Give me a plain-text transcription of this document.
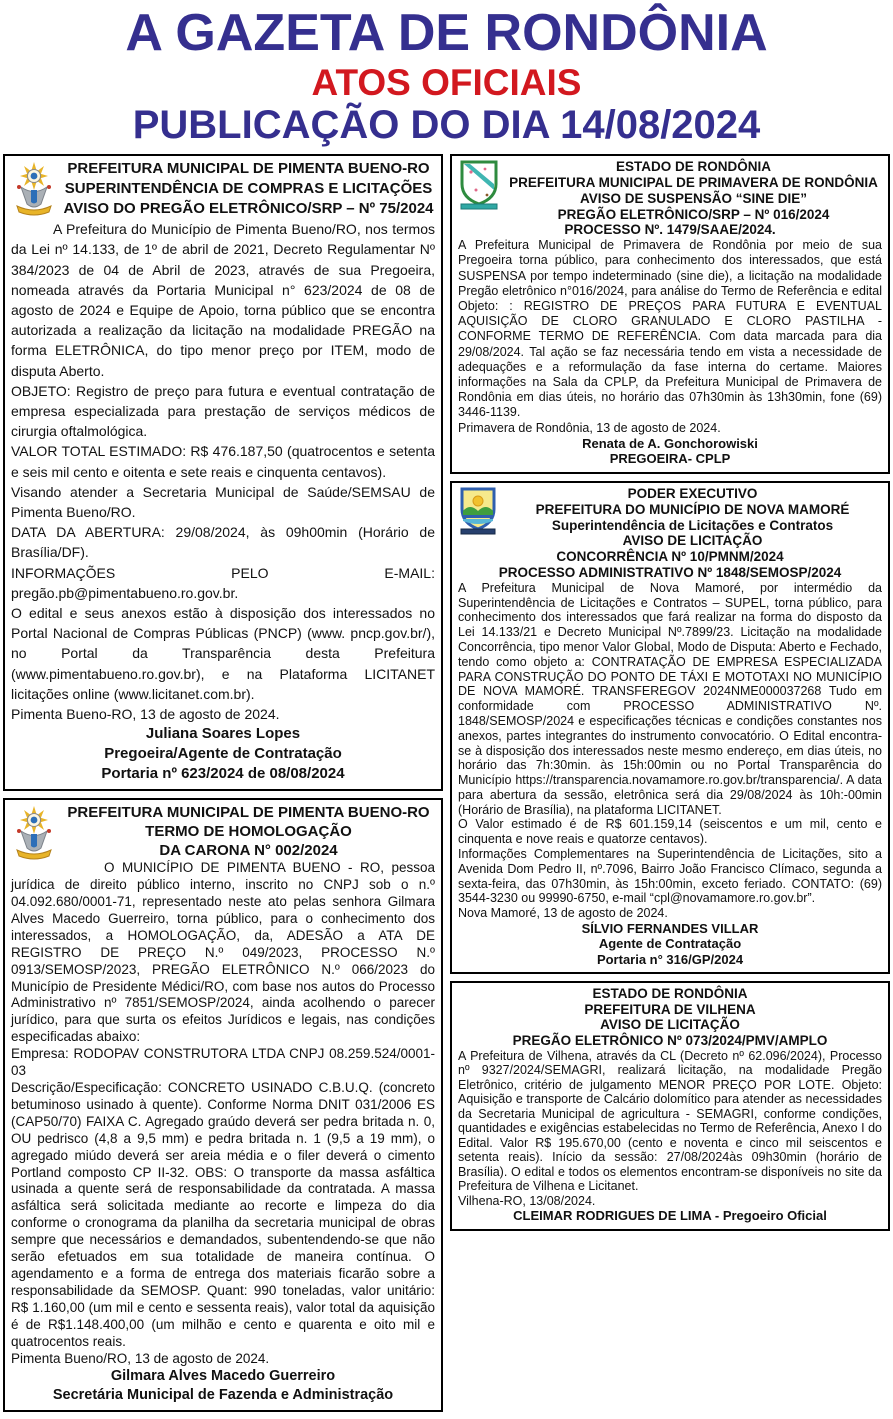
A GAZETA DE RONDÔNIA
ATOS OFICIAIS
PUBLICAÇÃO DO DIA 14/08/2024
PREFEITURA MUNICIPAL DE PIMENTA BUENO-RO
SUPERINTENDÊNCIA DE COMPRAS E LICITAÇÕES
AVISO DO PREGÃO ELETRÔNICO/SRP – Nº 75/2024

A Prefeitura do Município de Pimenta Bueno/RO, nos termos da Lei nº 14.133, de 1º de abril de 2021, Decreto Regulamentar Nº 384/2023 de 04 de Abril de 2023, através de sua Pregoeira, nomeada através da Portaria Municipal n° 623/2024 de 08 de agosto de 2024 e Equipe de Apoio, torna público que se encontra autorizada a realização da licitação na modalidade PREGÃO na forma ELETRÔNICA, do tipo menor preço por ITEM, modo de disputa Aberto.

OBJETO: Registro de preço para futura e eventual contratação de empresa especializada para prestação de serviços médicos de cirurgia oftalmológica.

VALOR TOTAL ESTIMADO: R$ 476.187,50 (quatrocentos e setenta e seis mil cento e oitenta e sete reais e cinquenta centavos).

Visando atender a Secretaria Municipal de Saúde/SEMSAU de Pimenta Bueno/RO.

DATA DA ABERTURA: 29/08/2024, às 09h00min (Horário de Brasília/DF).

INFORMAÇÕES PELO E-MAIL: pregão.pb@pimentabueno.ro.gov.br.

O edital e seus anexos estão à disposição dos interessados no Portal Nacional de Compras Públicas (PNCP) (www. pncp.gov.br/), no Portal da Transparência desta Prefeitura (www.pimentabueno.ro.gov.br), e na Plataforma LICITANET licitações online (www.licitanet.com.br).

Pimenta Bueno-RO, 13 de agosto de 2024.

Juliana Soares Lopes
Pregoeira/Agente de Contratação
Portaria nº 623/2024 de 08/08/2024
PREFEITURA MUNICIPAL DE PIMENTA BUENO-RO
TERMO DE HOMOLOGAÇÃO
DA CARONA N° 002/2024

O MUNICÍPIO DE PIMENTA BUENO - RO, pessoa jurídica de direito público interno, inscrito no CNPJ sob o n.º 04.092.680/0001-71, representado neste ato pelas senhora Gilmara Alves Macedo Guerreiro, torna público, para o conhecimento dos interessados, a HOMOLOGAÇÃO, da, ADESÃO a ATA DE REGISTRO DE PREÇO N.º 049/2023, PROCESSO N.º 0913/SEMOSP/2023, PREGÃO ELETRÔNICO N.º 066/2023 do Município de Presidente Médici/RO, com base nos autos do Processo Administrativo nº 7851/SEMOSP/2024, ainda acolhendo o parecer jurídico, para que surta os efeitos Jurídicos e legais, nas condições especificadas abaixo:

Empresa: RODOPAV CONSTRUTORA LTDA CNPJ 08.259.524/0001-03

Descrição/Especificação: CONCRETO USINADO C.B.U.Q. (concreto betuminoso usinado à quente). Conforme Norma DNIT 031/2006 ES (CAP50/70) FAIXA C. Agregado graúdo deverá ser pedra britada n. 0, OU pedrisco (4,8 a 9,5 mm) e pedra britada n. 1 (9,5 a 19 mm), o agregado miúdo deverá ser areia média e o filer deverá o cimento Portland composto CP II-32. OBS: O transporte da massa asfáltica usinada a quente será de responsabilidade da contratada. A massa asfáltica será solicitada mediante ao recorte e limpeza do dia conforme o cronograma da planilha da secretaria municipal de obras sempre que necessários e demandados, subentendendo-se que não serão efetuados em sua totalidade de maneira contínua. O agendamento e a forma de entrega dos materiais ficarão sobre a responsabilidade da SEMOSP. Quant: 990 toneladas, valor unitário: R$ 1.160,00 (um mil e cento e sessenta reais), valor total da aquisição é de R$1.148.400,00 (um milhão e cento e quarenta e oito mil e quatrocentos reais.

Pimenta Bueno/RO, 13 de agosto de 2024.

Gilmara Alves Macedo Guerreiro
Secretária Municipal de Fazenda e Administração
ESTADO DE RONDÔNIA
PREFEITURA MUNICIPAL DE PRIMAVERA DE RONDÔNIA
AVISO DE SUSPENSÃO “SINE DIE”
PREGÃO ELETRÔNICO/SRP – Nº 016/2024
PROCESSO Nº. 1479/SAAE/2024.

A Prefeitura Municipal de Primavera de Rondônia por meio de sua Pregoeira torna público, para conhecimento dos interessados, que está SUSPENSA por tempo indeterminado (sine die), a licitação na modalidade Pregão eletrônico n°016/2024, para análise do Termo de Referência e edital Objeto: : REGISTRO DE PREÇOS PARA FUTURA E EVENTUAL AQUISIÇÃO DE CLORO GRANULADO E CLORO PASTILHA - CONFORME TERMO DE REFERÊNCIA. Com data marcada para dia 29/08/2024. Tal ação se faz necessária tendo em vista a necessidade de adequações e a reformulação da fase interna do certame. Maiores informações na Sala da CPLP, da Prefeitura Municipal de Primavera de Rondônia em dias úteis, no horário das 07h30min às 13h30min, fone (69) 3446-1139.

Primavera de Rondônia, 13 de agosto de 2024.

Renata de A. Gonchorowiski
PREGOEIRA- CPLP
PODER EXECUTIVO
PREFEITURA DO MUNICÍPIO DE NOVA MAMORÉ
Superintendência de Licitações e Contratos
AVISO DE LICITAÇÃO
CONCORRÊNCIA Nº 10/PMNM/2024
PROCESSO ADMINISTRATIVO Nº 1848/SEMOSP/2024

A Prefeitura Municipal de Nova Mamoré, por intermédio da Superintendência de Licitações e Contratos – SUPEL, torna público, para conhecimento dos interessados que fará realizar na forma do disposto da Lei 14.133/21 e Decreto Municipal Nº.7899/23. Licitação na modalidade Concorrência, tipo menor Valor Global, Modo de Disputa: Aberto e Fechado, tendo como objeto a: CONTRATAÇÃO DE EMPRESA ESPECIALIZADA PARA CONSTRUÇÃO DO PONTO DE TÁXI E MOTOTAXI NO MUNICÍPIO DE NOVA MAMORÉ. TRANSFEREGOV 2024NME000037268 Tudo em conformidade com PROCESSO ADMINISTRATIVO Nº. 1848/SEMOSP/2024 e especificações técnicas e condições constantes nos anexos, partes integrantes do instrumento convocatório. O Edital encontra-se à disposição dos interessados neste mesmo endereço, em dias úteis, no horário das 7h:30min. às 15h:00min ou no Portal Transparência do Município https://transparencia.novamamore.ro.gov.br/transparencia/. A data para abertura da sessão, eletrônica será dia 29/08/2024 às 10h:-00min (Horário de Brasília), na plataforma LICITANET.

O Valor estimado é de R$ 601.159,14 (seiscentos e um mil, cento e cinquenta e nove reais e quatorze centavos).

Informações Complementares na Superintendência de Licitações, sito a Avenida Dom Pedro II, nº.7096, Bairro João Francisco Clímaco, segunda a sexta-feira, das 07h30min, às 15h:00min, exceto feriado. CONTATO: (69) 3544-3230 ou 99990-6750, e-mail “cpl@novamamore.ro.gov.br”.

Nova Mamoré, 13 de agosto de 2024.

SÍLVIO FERNANDES VILLAR
Agente de Contratação
Portaria n° 316/GP/2024
ESTADO DE RONDÔNIA
PREFEITURA DE VILHENA
AVISO DE LICITAÇÃO
PREGÃO ELETRÔNICO Nº 073/2024/PMV/AMPLO

A Prefeitura de Vilhena, através da CL (Decreto nº 62.096/2024), Processo nº 9327/2024/SEMAGRI, realizará licitação, na modalidade Pregão Eletrônico, critério de julgamento MENOR PREÇO POR LOTE. Objeto: Aquisição e transporte de Calcário dolomítico para atender as necessidades da Secretaria Municipal de agricultura - SEMAGRI, conforme condições, quantidades e exigências estabelecidas no Termo de Referência, Anexo I do Edital. Valor R$ 195.670,00 (cento e noventa e cinco mil seiscentos e setenta reais). Início da sessão: 27/08/2024às 09h30min (horário de Brasília). O edital e todos os elementos encontram-se disponíveis no site da Prefeitura de Vilhena e Licitanet.

Vilhena-RO, 13/08/2024.

CLEIMAR RODRIGUES DE LIMA - Pregoeiro Oficial
